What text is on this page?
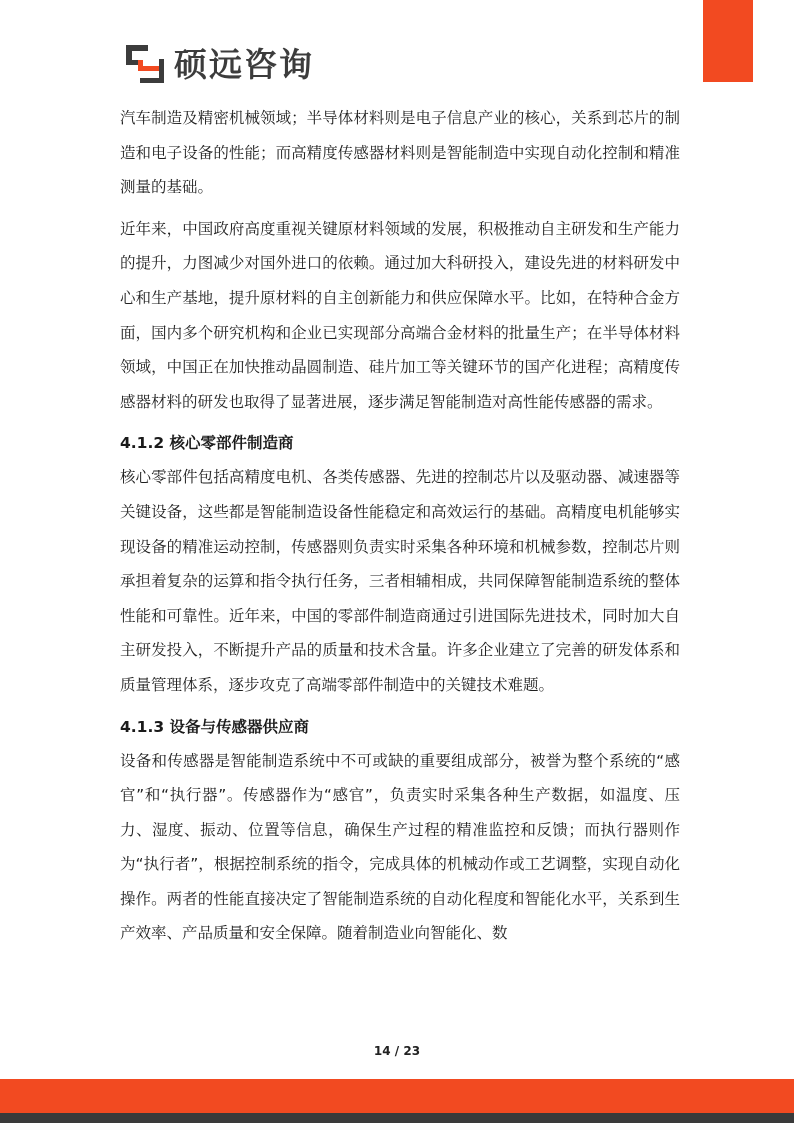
硕远咨询

汽车制造及精密机械领域；半导体材料则是电子信息产业的核心，关系到芯片的制造和电子设备的性能；而高精度传感器材料则是智能制造中实现自动化控制和精准测量的基础。

近年来，中国政府高度重视关键原材料领域的发展，积极推动自主研发和生产能力的提升，力图减少对国外进口的依赖。通过加大科研投入，建设先进的材料研发中心和生产基地，提升原材料的自主创新能力和供应保障水平。比如，在特种合金方面，国内多个研究机构和企业已实现部分高端合金材料的批量生产；在半导体材料领域，中国正在加快推动晶圆制造、硅片加工等关键环节的国产化进程；高精度传感器材料的研发也取得了显著进展，逐步满足智能制造对高性能传感器的需求。

4.1.2 核心零部件制造商

核心零部件包括高精度电机、各类传感器、先进的控制芯片以及驱动器、减速器等关键设备，这些都是智能制造设备性能稳定和高效运行的基础。高精度电机能够实现设备的精准运动控制，传感器则负责实时采集各种环境和机械参数，控制芯片则承担着复杂的运算和指令执行任务，三者相辅相成，共同保障智能制造系统的整体性能和可靠性。近年来，中国的零部件制造商通过引进国际先进技术，同时加大自主研发投入，不断提升产品的质量和技术含量。许多企业建立了完善的研发体系和质量管理体系，逐步攻克了高端零部件制造中的关键技术难题。

4.1.3 设备与传感器供应商

设备和传感器是智能制造系统中不可或缺的重要组成部分，被誉为整个系统的“感官”和“执行器”。传感器作为“感官”，负责实时采集各种生产数据，如温度、压力、湿度、振动、位置等信息，确保生产过程的精准监控和反馈；而执行器则作为“执行者”，根据控制系统的指令，完成具体的机械动作或工艺调整，实现自动化操作。两者的性能直接决定了智能制造系统的自动化程度和智能化水平，关系到生产效率、产品质量和安全保障。随着制造业向智能化、数

14 / 23
